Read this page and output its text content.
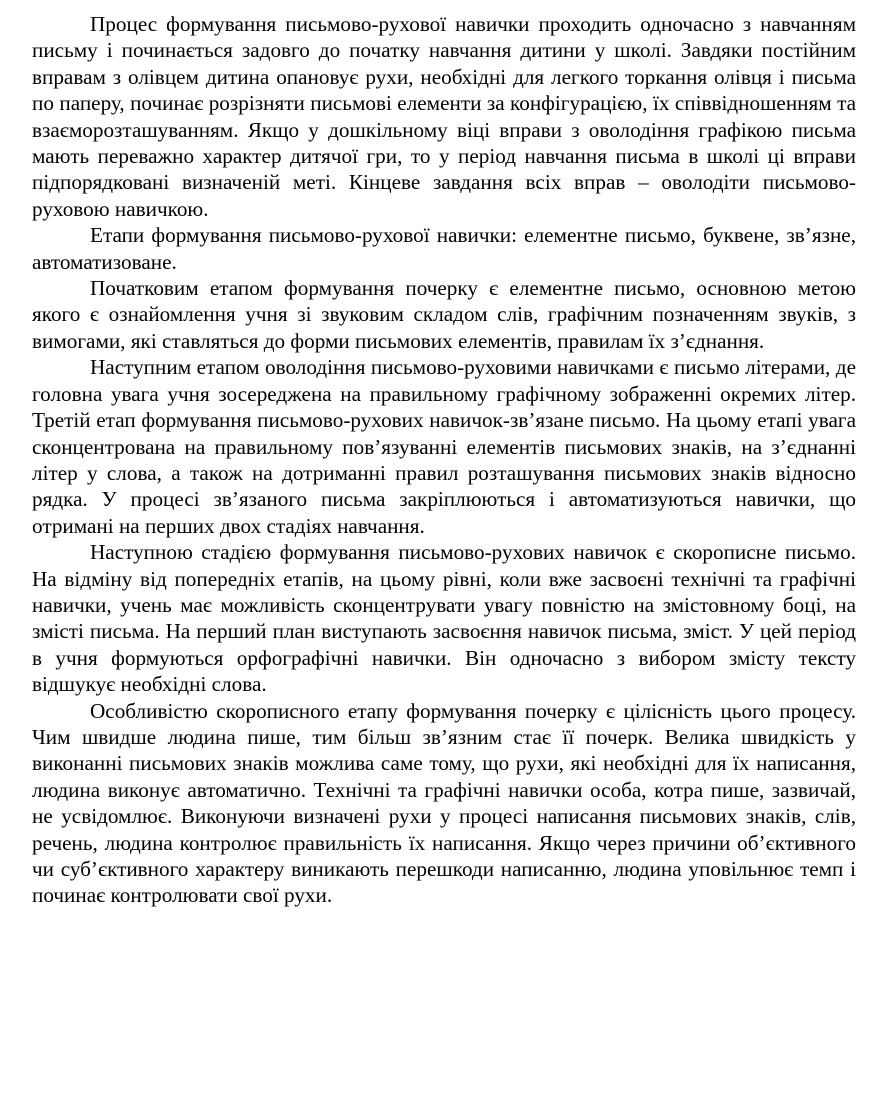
Процес формування письмово-рухової навички проходить одночасно з навчанням письму і починається задовго до початку навчання дитини у школі. Завдяки постійним вправам з олівцем дитина опановує рухи, необхідні для легкого торкання олівця і письма по паперу, починає розрізняти письмові елементи за конфігурацією, їх співвідношенням та взаєморозташуванням. Якщо у дошкільному віці вправи з оволодіння графікою письма мають переважно характер дитячої гри, то у період навчання письма в школі ці вправи підпорядковані визначеній меті. Кінцеве завдання всіх вправ – оволодіти письмово-руховою навичкою.

Етапи формування письмово-рухової навички: елементне письмо, буквене, зв’язне, автоматизоване.

Початковим етапом формування почерку є елементне письмо, основною метою якого є ознайомлення учня зі звуковим складом слів, графічним позначенням звуків, з вимогами, які ставляться до форми письмових елементів, правилам їх з’єднання.

Наступним етапом оволодіння письмово-руховими навичками є письмо літерами, де головна увага учня зосереджена на правильному графічному зображенні окремих літер. Третій етап формування письмово-рухових навичок-зв’язане письмо. На цьому етапі увага сконцентрована на правильному пов’язуванні елементів письмових знаків, на з’єднанні літер у слова, а також на дотриманні правил розташування письмових знаків відносно рядка. У процесі зв’язаного письма закріплюються і автоматизуються навички, що отримані на перших двох стадіях навчання.

Наступною стадією формування письмово-рухових навичок є скорописне письмо. На відміну від попередніх етапів, на цьому рівні, коли вже засвоєні технічні та графічні навички, учень має можливість сконцентрувати увагу повністю на змістовному боці, на змісті письма. На перший план виступають засвоєння навичок письма, зміст. У цей період в учня формуються орфографічні навички. Він одночасно з вибором змісту тексту відшукує необхідні слова.

Особливістю скорописного етапу формування почерку є цілісність цього процесу. Чим швидше людина пише, тим більш зв’язним стає її почерк. Велика швидкість у виконанні письмових знаків можлива саме тому, що рухи, які необхідні для їх написання, людина виконує автоматично. Технічні та графічні навички особа, котра пише, зазвичай, не усвідомлює. Виконуючи визначені рухи у процесі написання письмових знаків, слів, речень, людина контролює правильність їх написання. Якщо через причини об’єктивного чи суб’єктивного характеру виникають перешкоди написанню, людина уповільнює темп і починає контролювати свої рухи.
